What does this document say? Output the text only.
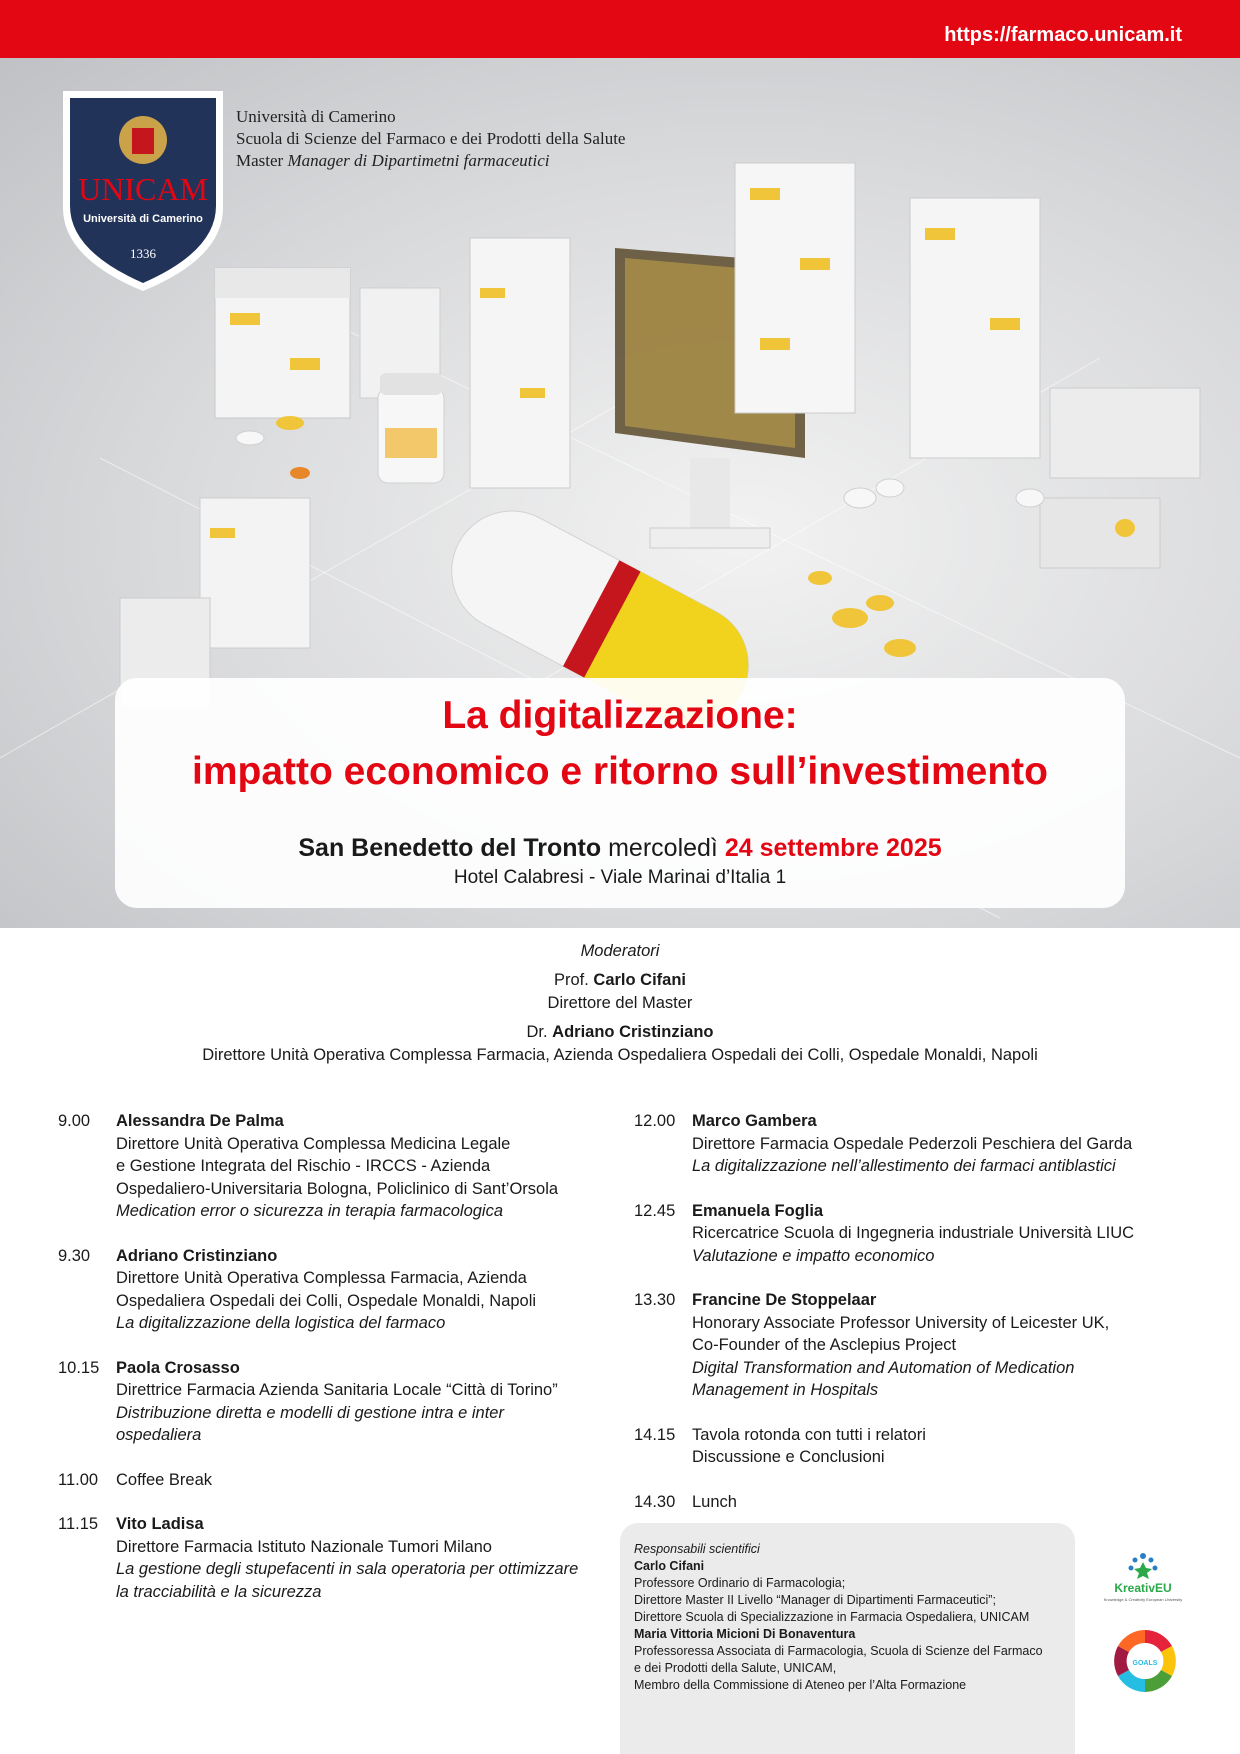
https://farmaco.unicam.it
UNICAM
Università di Camerino
1336
Università di Camerino
Scuola di Scienze del Farmaco e dei Prodotti della Salute
Master Manager di Dipartimetni farmaceutici
La digitalizzazione:
impatto economico e ritorno sull’investimento
San Benedetto del Tronto mercoledì 24 settembre 2025
Hotel Calabresi - Viale Marinai d’Italia 1
Moderatori
Prof. Carlo Cifani
Direttore del Master
Dr. Adriano Cristinziano
Direttore Unità Operativa Complessa Farmacia, Azienda Ospedaliera Ospedali dei Colli, Ospedale Monaldi, Napoli
9.00	Alessandra De Palma
Direttore Unità Operativa Complessa Medicina Legale
e Gestione Integrata del Rischio - IRCCS - Azienda
Ospedaliero-Universitaria Bologna, Policlinico di Sant’Orsola
Medication error o sicurezza in terapia farmacologica
9.30	Adriano Cristinziano
Direttore Unità Operativa Complessa Farmacia, Azienda
Ospedaliera Ospedali dei Colli, Ospedale Monaldi, Napoli
La digitalizzazione della logistica del farmaco
10.15	Paola Crosasso
Direttrice Farmacia Azienda Sanitaria Locale “Città di Torino”
Distribuzione diretta e modelli di gestione intra e inter
ospedaliera
11.00	Coffee Break
11.15	Vito Ladisa
Direttore Farmacia Istituto Nazionale Tumori Milano
La gestione degli stupefacenti in sala operatoria per ottimizzare
la tracciabilità e la sicurezza
12.00	Marco Gambera
Direttore Farmacia Ospedale Pederzoli Peschiera del Garda
La digitalizzazione nell’allestimento dei farmaci antiblastici
12.45	Emanuela Foglia
Ricercatrice Scuola di Ingegneria industriale Università LIUC
Valutazione e impatto economico
13.30	Francine De Stoppelaar
Honorary Associate Professor University of Leicester UK,
Co-Founder of the Asclepius Project
Digital Transformation and Automation of Medication
Management in Hospitals
14.15	Tavola rotonda con tutti i relatori
Discussione e Conclusioni
14.30	Lunch
Responsabili scientifici
Carlo Cifani
Professore Ordinario di Farmacologia;
Direttore Master II Livello “Manager di Dipartimenti Farmaceutici”;
Direttore Scuola di Specializzazione in Farmacia Ospedaliera, UNICAM
Maria Vittoria Micioni Di Bonaventura
Professoressa Associata di Farmacologia, Scuola di Scienze del Farmaco
e dei Prodotti della Salute, UNICAM,
Membro della Commissione di Ateneo per l’Alta Formazione
KreativEU
Knowledge & Creativity European University
GOALS
